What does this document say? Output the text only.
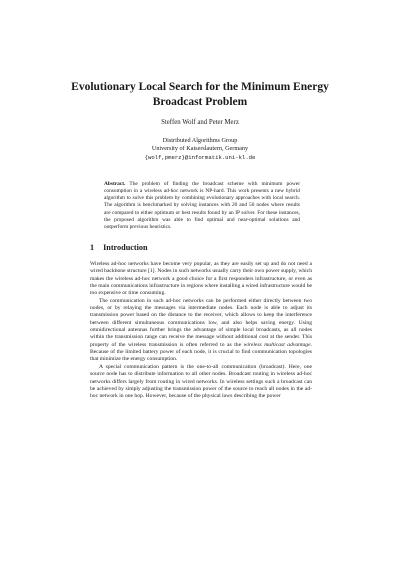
Evolutionary Local Search for the Minimum Energy Broadcast Problem
Steffen Wolf and Peter Merz
Distributed Algorithms Group
University of Kaiserslautern, Germany
{wolf,pmerz}@informatik.uni-kl.de
Abstract. The problem of finding the broadcast scheme with minimum power consumption in a wireless ad-hoc network is NP-hard. This work presents a new hybrid algorithm to solve this problem by combining evolutionary approaches with local search. The algorithm is benchmarked by solving instances with 20 and 50 nodes where results are compared to either optimum or best results found by an IP solver. For these instances, the proposed algorithm was able to find optimal and near-optimal solutions and outperform previous heuristics.
1 Introduction

Wireless ad-hoc networks have become very popular, as they are easily set up and do not need a wired backbone structure [1]. Nodes in such networks usually carry their own power supply, which makes the wireless ad-hoc network a good choice for a first responders infrastructure, or even as the main communications infrastructure in regions where installing a wired infrastructure would be too expensive or time consuming.

The communication in such ad-hoc networks can be performed either directly between two nodes, or by relaying the messages via intermediate nodes. Each node is able to adjust its transmission power based on the distance to the receiver, which allows to keep the interference between different simultaneous communications low, and also helps saving energy. Using omnidirectional antennas further brings the advantage of simple local broadcasts, as all nodes within the transmission range can receive the message without additional cost at the sender. This property of the wireless transmission is often referred to as the wireless multicast advantage. Because of the limited battery power of each node, it is crucial to find communication topologies that minimize the energy consumption.

A special communication pattern is the one-to-all communication (broadcast). Here, one source node has to distribute information to all other nodes. Broadcast routing in wireless ad-hoc networks differs largely from routing in wired networks. In wireless settings such a broadcast can be achieved by simply adjusting the transmission power of the source to reach all nodes in the ad-hoc network in one hop. However, because of the physical laws describing the power
